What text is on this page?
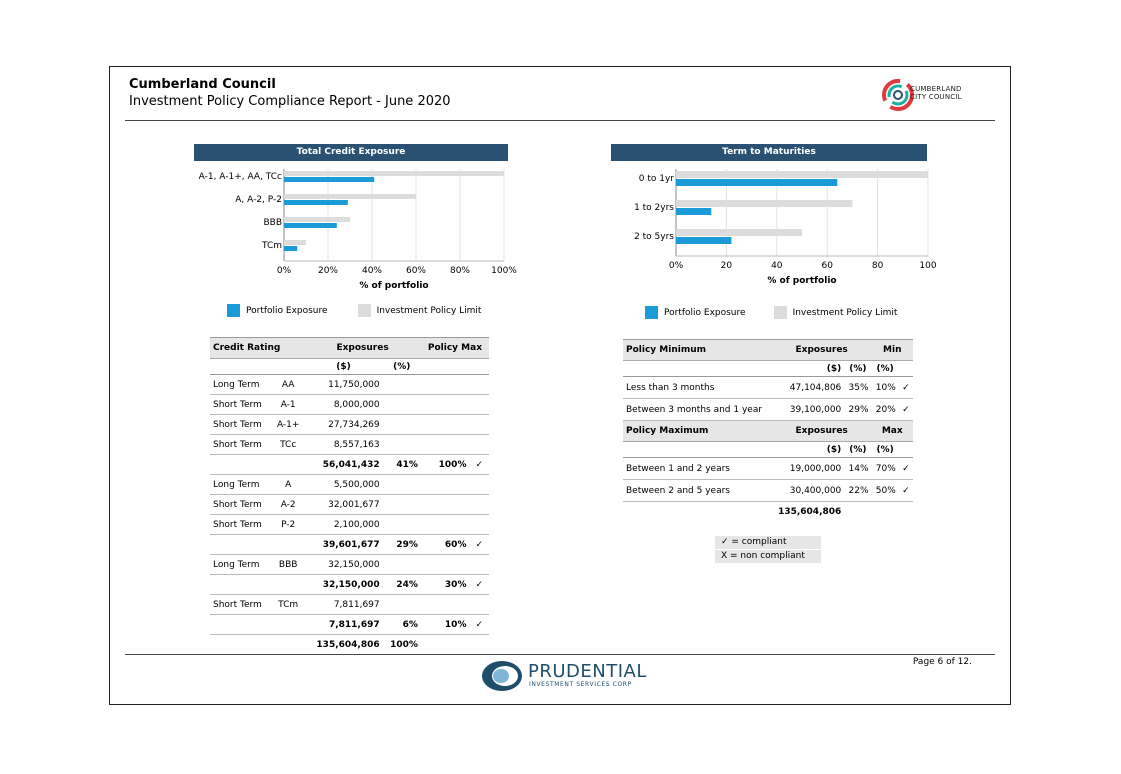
Cumberland Council
Investment Policy Compliance Report - June 2020
CUMBERLAND
CITY COUNCIL
Total Credit Exposure
0%	20%	40%	60%	80% 100%
A-1, A-1+, AA, TCc
A, A-2, P-2
BBB
TCm
% of portfolio
Portfolio Exposure	Investment Policy Limit
Term to Maturities
0%	20	40	60	80	100
0 to 1yr
1 to 2yrs
2 to 5yrs
% of portfolio
Portfolio Exposure	Investment Policy Limit
Credit Rating		Exposures		Policy Max	
		($)	(%)		
Long Term	AA	11,750,000			
Short Term	A-1	8,000,000			
Short Term	A-1+	27,734,269			
Short Term	TCc	8,557,163			
		56,041,432	41%	100%	✓
Long Term	A	5,500,000			
Short Term	A-2	32,001,677			
Short Term	P-2	2,100,000			
		39,601,677	29%	60%	✓
Long Term	BBB	32,150,000			
		32,150,000	24%	30%	✓
Short Term	TCm	7,811,697			
		7,811,697	6%	10%	✓
		135,604,806	100%		
Policy Minimum	Exposures		Min	
	($)	(%)	(%)	
Less than 3 months	47,104,806	35%	10%	✓
Between 3 months and 1 year	39,100,000	29%	20%	✓
Policy Maximum	Exposures		Max	
	($)	(%)	(%)	
Between 1 and 2 years	19,000,000	14%	70%	✓
Between 2 and 5 years	30,400,000	22%	50%	✓
	135,604,806			
✓ = compliant
X = non compliant
Page 6 of 12.
PRUDENTIAL
INVESTMENT SERVICES CORP
